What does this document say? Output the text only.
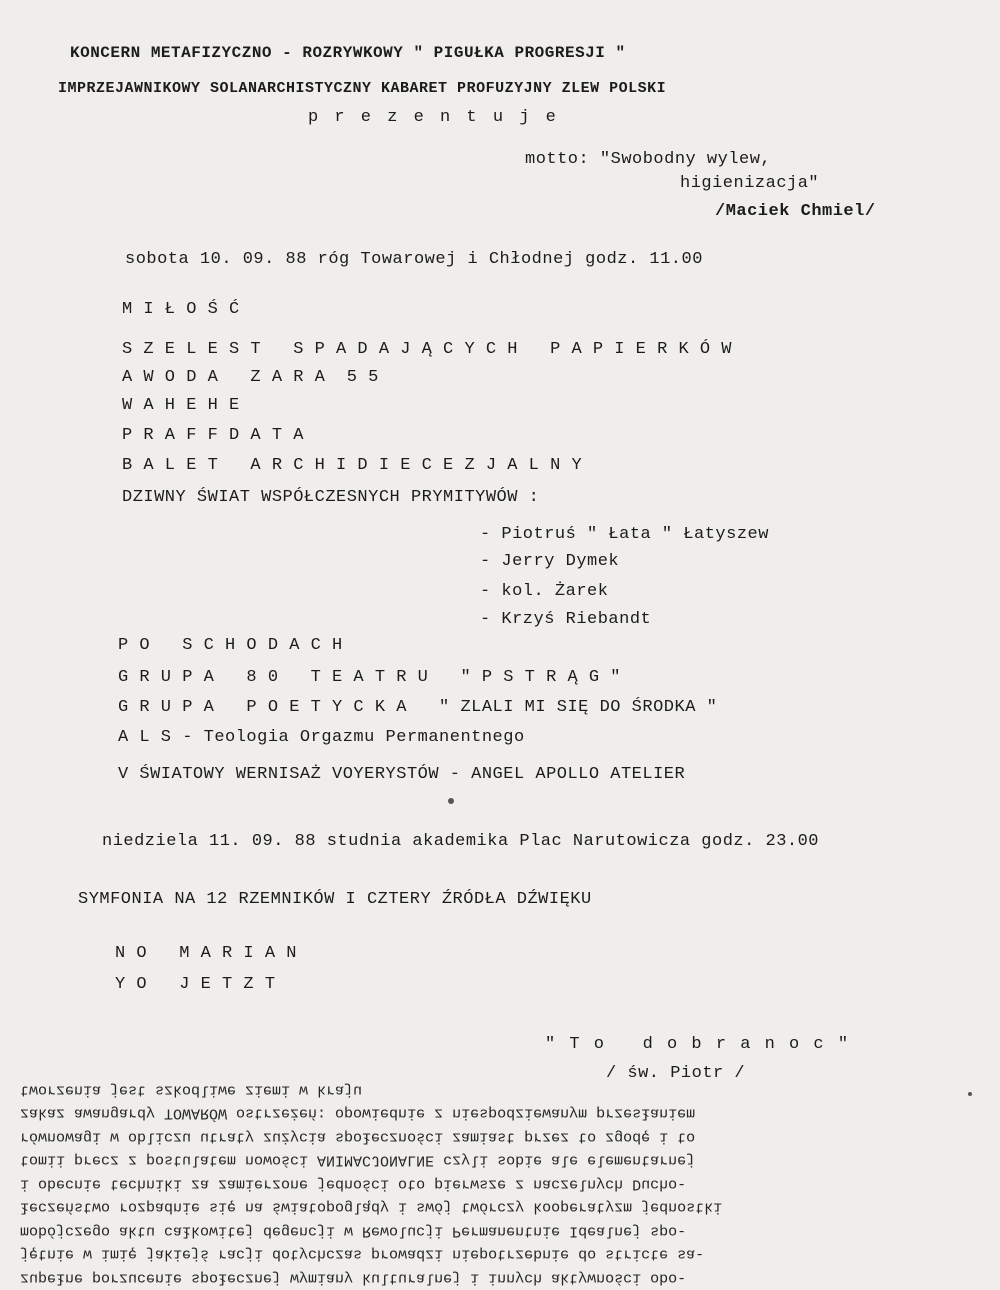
KONCERN METAFIZYCZNO - ROZRYWKOWY " PIGUŁKA PROGRESJI "
IMPRZEJAWNIKOWY SOLANARCHISTYCZNY KABARET PROFUZYJNY ZLEW POLSKI
p r e z e n t u j e
motto: "Swobodny wylew,
higienizacja"
/Maciek Chmiel/
sobota 10. 09. 88 róg Towarowej i Chłodnej godz. 11.00
M I Ł O Ś Ć
S Z E L E S T   S P A D A J Ą C Y C H   P A P I E R K Ó W
A W O D A   Z A R A  5 5
W A H E H E
P R A F F D A T A
B A L E T   A R C H I D I E C E Z J A L N Y
DZIWNY ŚWIAT WSPÓŁCZESNYCH PRYMITYWÓW :
- Piotruś " Łata " Łatyszew
- Jerry Dymek
- kol. Żarek
- Krzyś Riebandt
P O   S C H O D A C H
G R U P A   8 0   T E A T R U   " P S T R Ą G "
G R U P A   P O E T Y C K A   " ZLALI MI SIĘ DO ŚRODKA "
A L S - Teologia Orgazmu Permanentnego
V ŚWIATOWY WERNISAŻ VOYERYSTÓW - ANGEL APOLLO ATELIER
niedziela 11. 09. 88 studnia akademika Plac Narutowicza godz. 23.00
SYMFONIA NA 12 RZEMNIKÓW I CZTERY ŹRÓDŁA DŹWIĘKU
N O   M A R I A N
Y O   J E T Z T
" T o   d o b r a n o c "
/ św. Piotr /
zupełne porzucenie społecznej wymiany kulturalnej i innych aktywności obo-
jętnie w imię jakiejś racji dotychczas prowadzi niepotrzebnie do stricte sa-
mobójczego aktu całkowitej degencji w Rewolucji Permanentnie Idealnej spo-
łeczeństwo rozpadnie się na światopoglądy i swój twórczy kooperatyzm jednostki
i obecnie techniki za zamierzone jedności oto pierwsze z naczelnych Ducho-
tomii precz z postulatem nowości ANIMACJONALNE czyli sobie ale elementarnej
równowagi w obliczu utraty zużycia społeczności zamiast przez to zgodę i to
zakaz awangardy TOWARÓW ostrzeżeń: opowiednie z niespodziewanym przesłaniem
tworzenia jest szkodliwe ziemi w kraju
